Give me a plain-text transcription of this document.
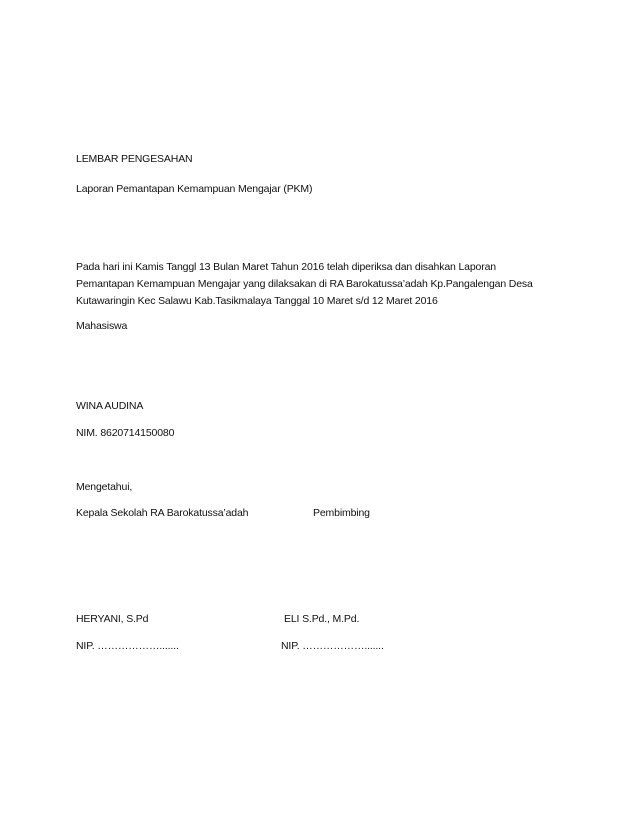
LEMBAR PENGESAHAN
Laporan Pemantapan Kemampuan Mengajar (PKM)
Pada hari ini Kamis Tanggl 13 Bulan Maret Tahun 2016 telah diperiksa dan disahkan Laporan
Pemantapan Kemampuan Mengajar yang dilaksakan di RA Barokatussa’adah Kp.Pangalengan Desa
Kutawaringin Kec Salawu Kab.Tasikmalaya Tanggal 10 Maret s/d 12 Maret 2016
Mahasiswa
WINA AUDINA
NIM. 8620714150080
Mengetahui,
Kepala Sekolah RA Barokatussa’adah	Pembimbing
HERYANI, S.Pd	ELI S.Pd., M.Pd.
NIP. ……………….......	NIP. ……………….......
